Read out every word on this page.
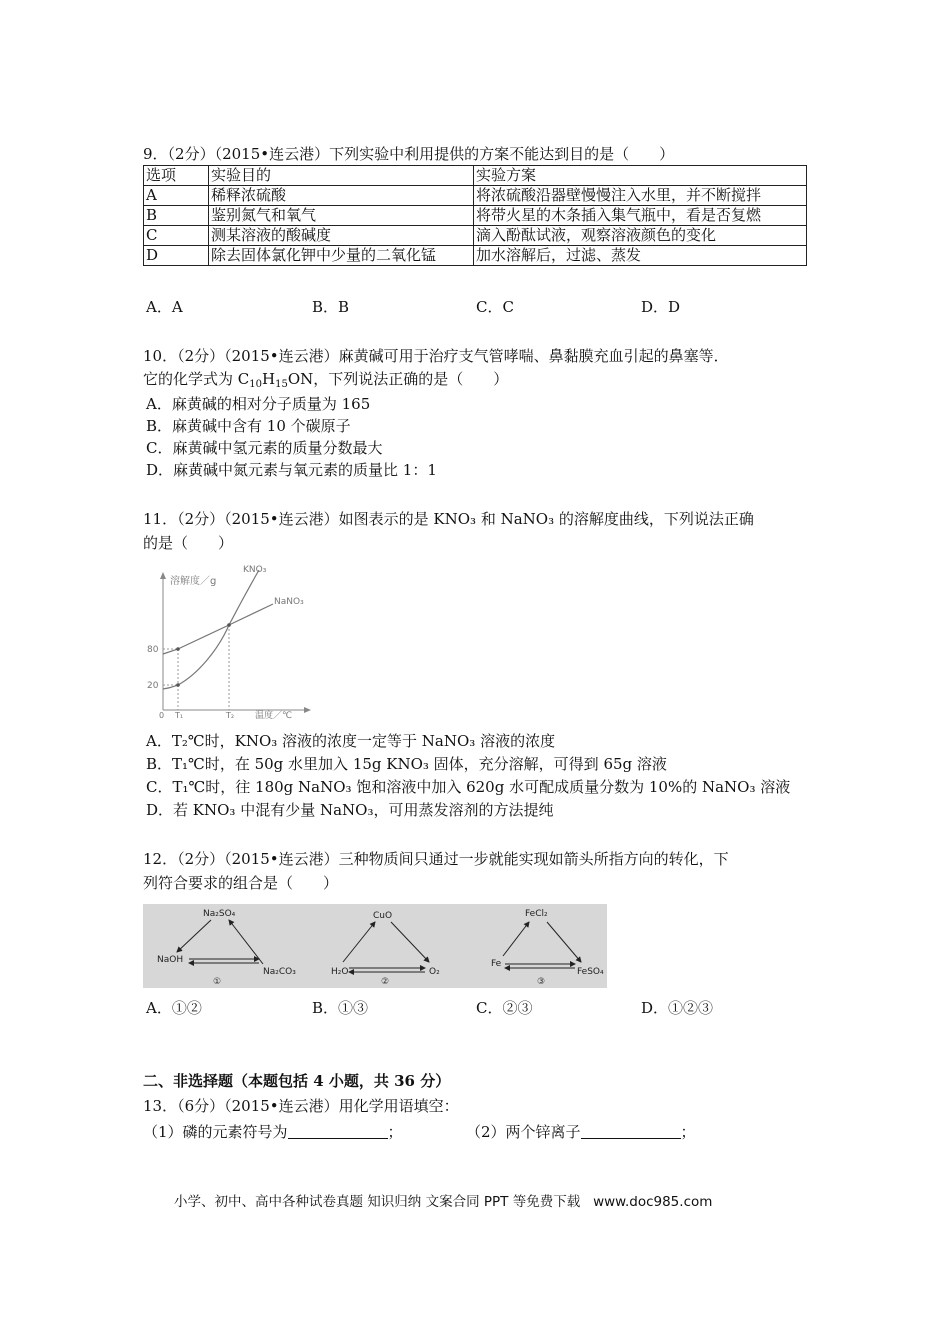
9．（2分）（2015•连云港）下列实验中利用提供的方案不能达到目的是（　　）
选项	实验目的	实验方案
A	稀释浓硫酸	将浓硫酸沿器壁慢慢注入水里，并不断搅拌
B	鉴别氮气和氧气	将带火星的木条插入集气瓶中，看是否复燃
C	测某溶液的酸碱度	滴入酚酞试液，观察溶液颜色的变化
D	除去固体氯化钾中少量的二氧化锰	加水溶解后，过滤、蒸发
A．A	B．B	C．C	D．D
10．（2分）（2015•连云港）麻黄碱可用于治疗支气管哮喘、鼻黏膜充血引起的鼻塞等．
它的化学式为 $C_{10}H_{15}ON$，下列说法正确的是（　　）
A．麻黄碱的相对分子质量为 165
B．麻黄碱中含有 10 个碳原子
C．麻黄碱中氢元素的质量分数最大
D．麻黄碱中氮元素与氧元素的质量比 1：1
11．（2分）（2015•连云港）如图表示的是 KNO₃ 和 NaNO₃ 的溶解度曲线，下列说法正确
的是（　　）
溶解度／g
KNO₃
NaNO₃
80
20
0 T₁	T₂ 温度／℃
A．T₂℃时，KNO₃ 溶液的浓度一定等于 NaNO₃ 溶液的浓度
B．T₁℃时，在 50g 水里加入 15g KNO₃ 固体，充分溶解，可得到 65g 溶液
C．T₁℃时，往 180g NaNO₃ 饱和溶液中加入 620g 水可配成质量分数为 10%的 NaNO₃ 溶液
D．若 KNO₃ 中混有少量 NaNO₃，可用蒸发溶剂的方法提纯
12．（2分）（2015•连云港）三种物质间只通过一步就能实现如箭头所指方向的转化，下
列符合要求的组合是（　　）
Na₂SO₄
NaOH
Na₂CO₃
①
CuO
H₂O	O₂
②
FeCl₂
Fe
FeSO₄
③
A．①②	B．①③	C．②③	D．①②③
二、非选择题（本题包括 4 小题，共 36 分）
13．（6分）（2015•连云港）用化学用语填空：
（1）磷的元素符号为	；	（2）两个锌离子	；
小学、初中、高中各种试卷真题 知识归纳 文案合同 PPT 等免费下载 www.doc985.com
